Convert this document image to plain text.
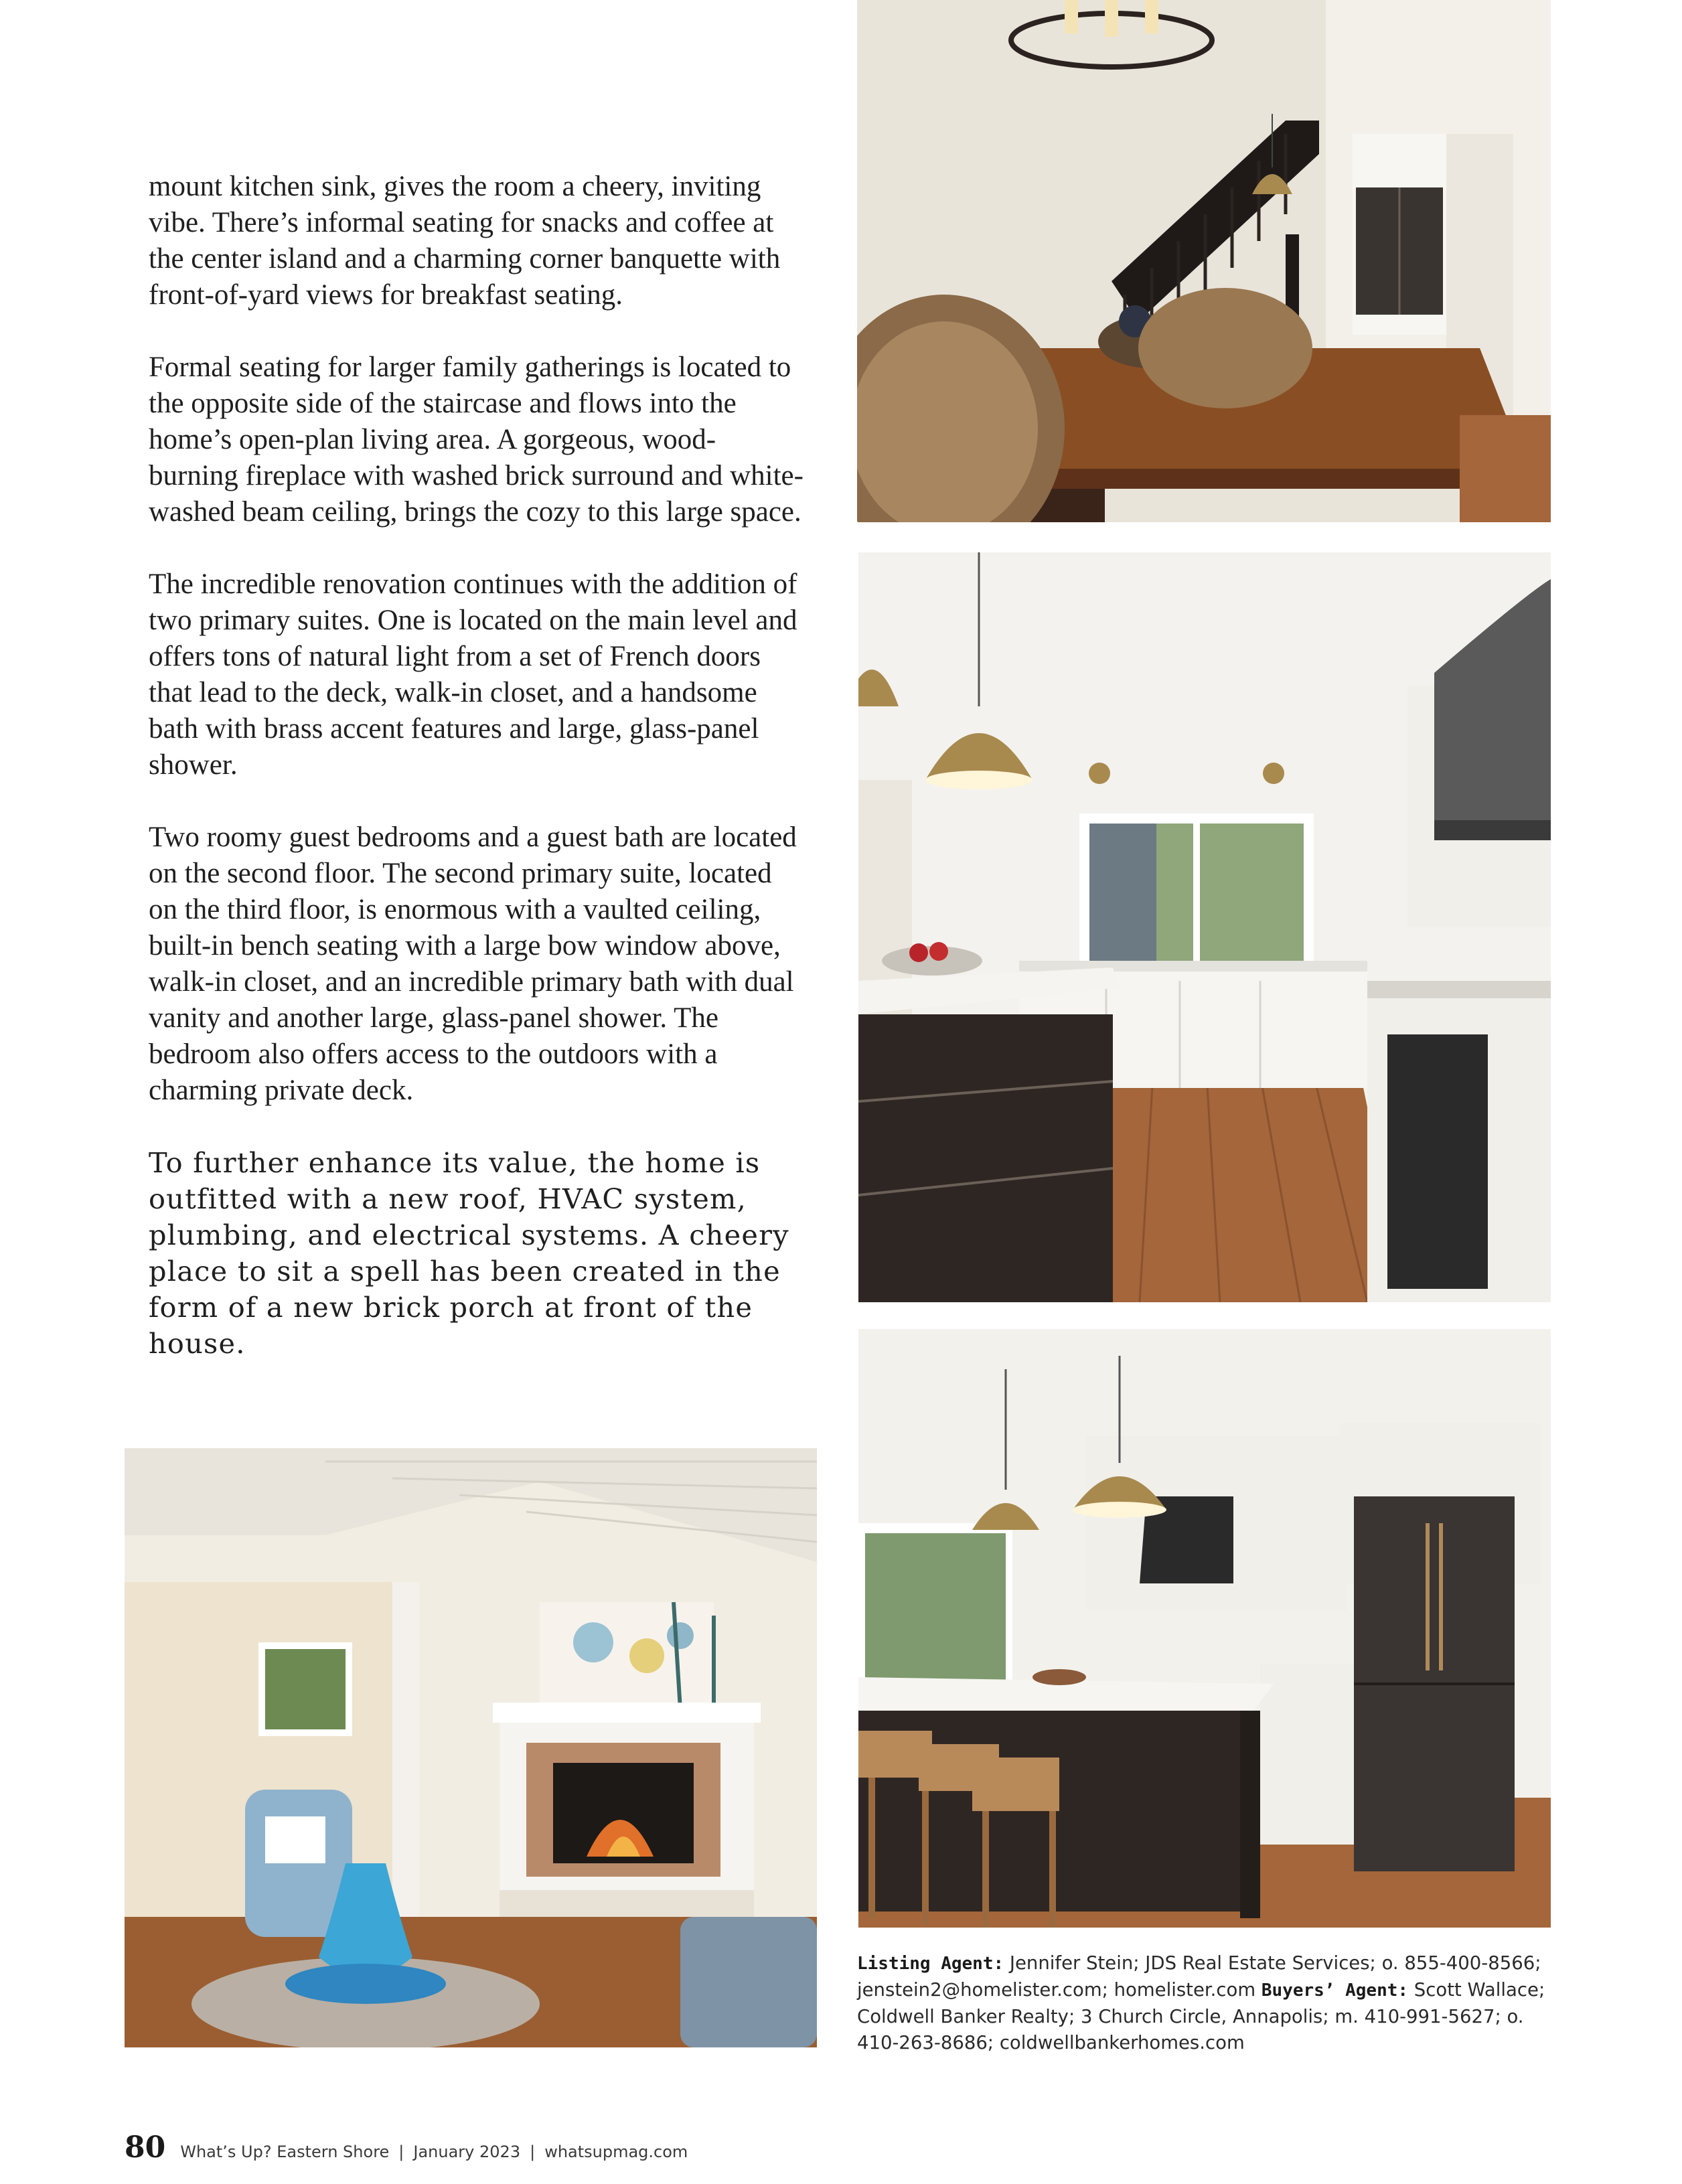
mount kitchen sink, gives the room a cheery, inviting vibe. There’s informal seating for snacks and coffee at the center island and a charming corner banquette with front-of-yard views for breakfast seating.

Formal seating for larger family gatherings is located to the opposite side of the staircase and flows into the home’s open-plan living area. A gorgeous, wood-burning fireplace with washed brick surround and white-washed beam ceiling, brings the cozy to this large space.

The incredible renovation continues with the addition of two primary suites. One is located on the main level and offers tons of natural light from a set of French doors that lead to the deck, walk-in closet, and a handsome bath with brass accent features and large, glass-panel shower.

Two roomy guest bedrooms and a guest bath are located on the second floor. The second primary suite, located on the third floor, is enormous with a vaulted ceiling, built-in bench seating with a large bow window above, walk-in closet, and an incredible primary bath with dual vanity and another large, glass-panel shower. The bedroom also offers access to the outdoors with a charming private deck.

To further enhance its value, the home is outfitted with a new roof, HVAC system, plumbing, and electrical systems. A cheery place to sit a spell has been created in the form of a new brick porch at front of the house.

Listing Agent: Jennifer Stein; JDS Real Estate Services; o. 855-400-8566; jenstein2@homelister.com; homelister.com Buyers’ Agent: Scott Wallace; Coldwell Banker Realty; 3 Church Circle, Annapolis; m. 410-991-5627; o. 410-263-8686; coldwellbankerhomes.com
80 What’s Up? Eastern Shore | January 2023 | whatsupmag.com
